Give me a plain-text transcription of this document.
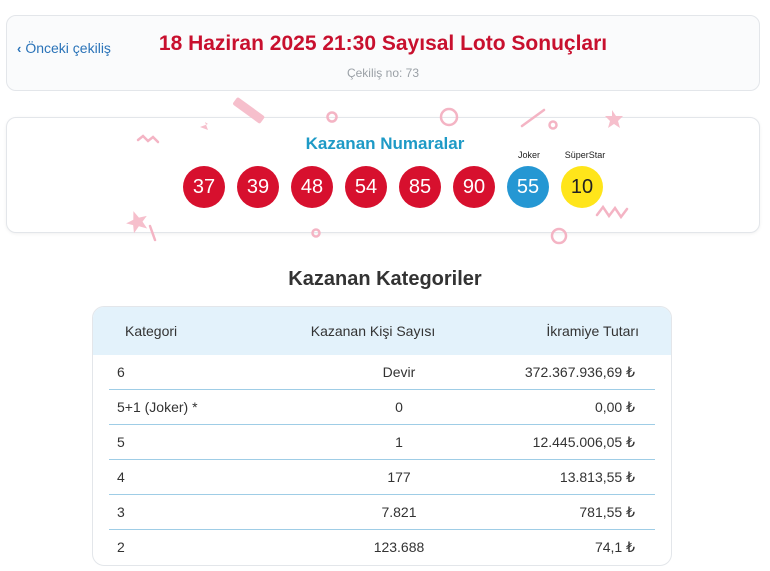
‹ Önceki çekiliş	18 Haziran 2025 21:30 Sayısal Loto Sonuçları
Çekiliş no: 73
Kazanan Numaralar
Joker	SüperStar
37	39	48	54	85	90	55	10
Kazanan Kategoriler
Kategori	Kazanan Kişi Sayısı	İkramiye Tutarı
6	Devir	372.367.936,69 ₺
5+1 (Joker) *	0	0,00 ₺
5	1	12.445.006,05 ₺
4	177	13.813,55 ₺
3	7.821	781,55 ₺
2	123.688	74,1 ₺
